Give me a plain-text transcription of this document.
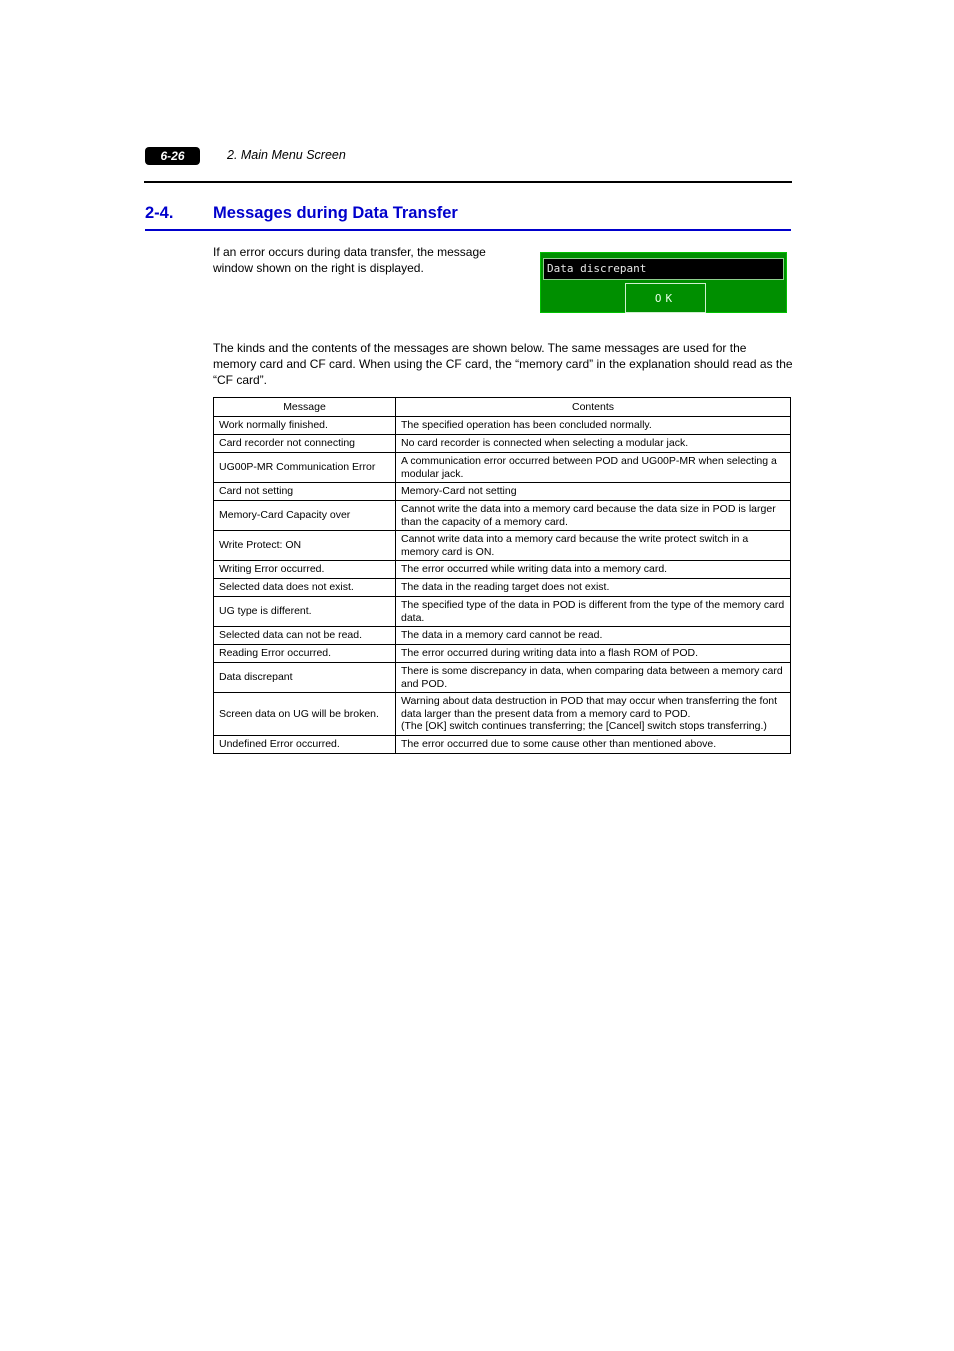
6-26	2. Main Menu Screen
2-4. Messages during Data Transfer
If an error occurs during data transfer, the message window shown on the right is displayed.	Data discrepant
OK
The kinds and the contents of the messages are shown below. The same messages are used for the memory card and CF card. When using the CF card, the “memory card” in the explanation should read as the “CF card”.
Message	Contents
Work normally finished.	The specified operation has been concluded normally.
Card recorder not connecting	No card recorder is connected when selecting a modular jack.
UG00P-MR Communication Error	A communication error occurred between POD and UG00P-MR when selecting a modular jack.
Card not setting	Memory-Card not setting
Memory-Card Capacity over	Cannot write the data into a memory card because the data size in POD is larger than the capacity of a memory card.
Write Protect: ON	Cannot write data into a memory card because the write protect switch in a memory card is ON.
Writing Error occurred.	The error occurred while writing data into a memory card.
Selected data does not exist.	The data in the reading target does not exist.
UG type is different.	The specified type of the data in POD is different from the type of the memory card data.
Selected data can not be read.	The data in a memory card cannot be read.
Reading Error occurred.	The error occurred during writing data into a flash ROM of POD.
Data discrepant	There is some discrepancy in data, when comparing data between a memory card and POD.
Screen data on UG will be broken.	Warning about data destruction in POD that may occur when transferring the font data larger than the present data from a memory card to POD.
(The [OK] switch continues transferring; the [Cancel] switch stops transferring.)
Undefined Error occurred.	The error occurred due to some cause other than mentioned above.
